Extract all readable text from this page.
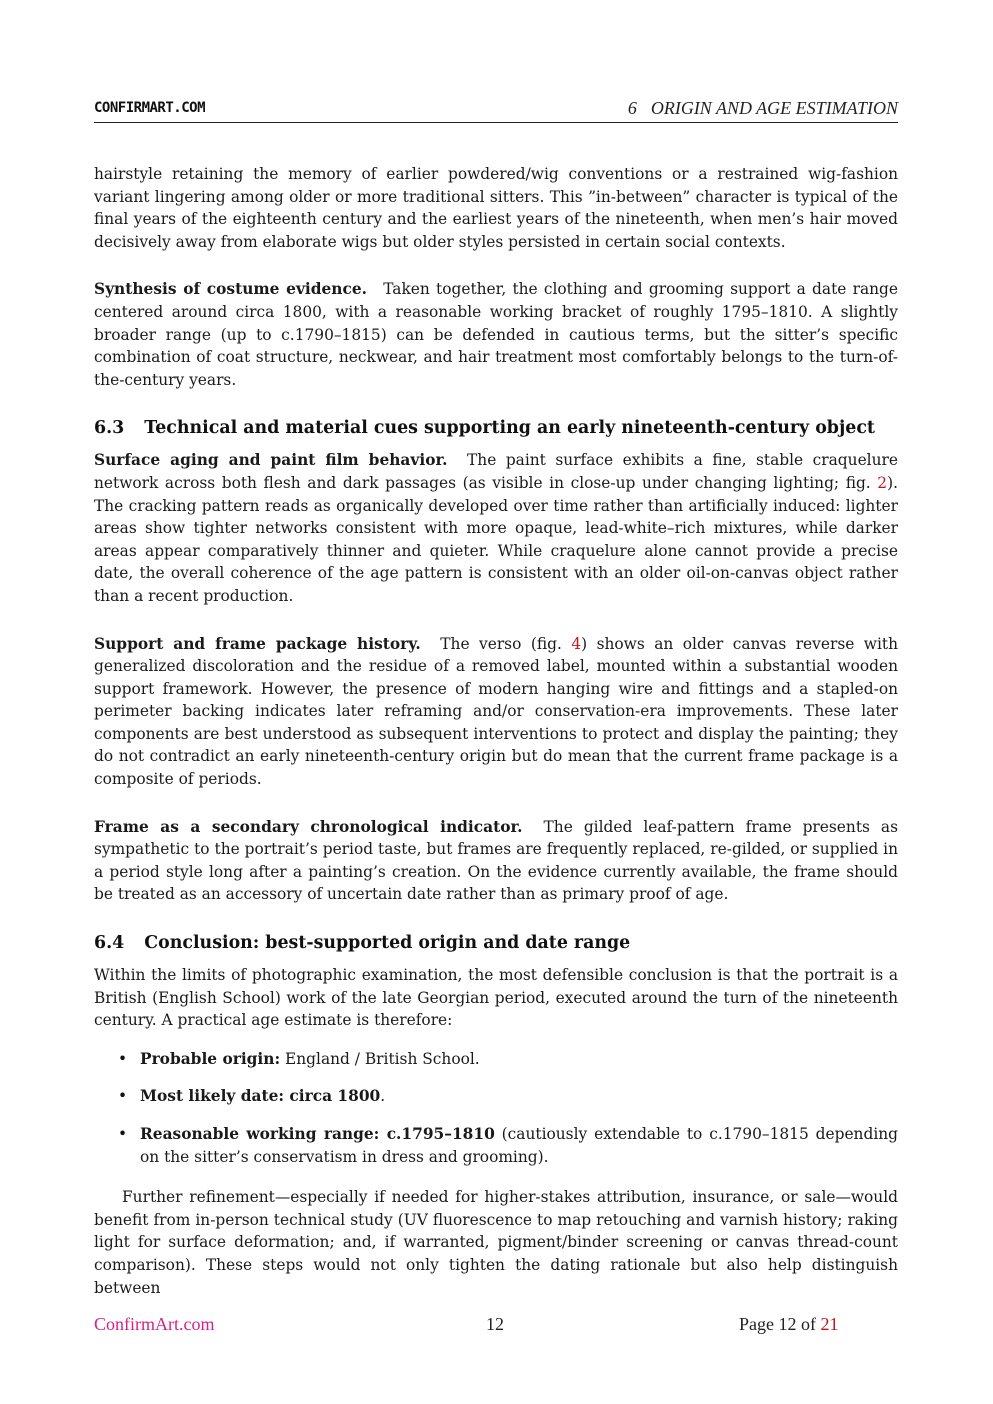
CONFIRMART.COM	6 ORIGIN AND AGE ESTIMATION

hairstyle retaining the memory of earlier powdered/wig conventions or a restrained wig-fashion variant lingering among older or more traditional sitters. This ”in-between” character is typical of the final years of the eighteenth century and the earliest years of the nineteenth, when men’s hair moved decisively away from elaborate wigs but older styles persisted in certain social contexts.

Synthesis of costume evidence. Taken together, the clothing and grooming support a date range centered around circa 1800, with a reasonable working bracket of roughly 1795–1810. A slightly broader range (up to c.1790–1815) can be defended in cautious terms, but the sitter’s specific combination of coat structure, neckwear, and hair treatment most comfortably belongs to the turn-of-the-century years.

6.3 Technical and material cues supporting an early nineteenth-century object

Surface aging and paint film behavior. The paint surface exhibits a fine, stable craquelure network across both flesh and dark passages (as visible in close-up under changing lighting; fig. 2). The cracking pattern reads as organically developed over time rather than artificially induced: lighter areas show tighter networks consistent with more opaque, lead-white–rich mixtures, while darker areas appear comparatively thinner and quieter. While craquelure alone cannot provide a precise date, the overall coherence of the age pattern is consistent with an older oil-on-canvas object rather than a recent production.

Support and frame package history. The verso (fig. 4) shows an older canvas reverse with generalized discoloration and the residue of a removed label, mounted within a substantial wooden support framework. However, the presence of modern hanging wire and fittings and a stapled-on perimeter backing indicates later reframing and/or conservation-era improvements. These later components are best understood as subsequent interventions to protect and display the painting; they do not contradict an early nineteenth-century origin but do mean that the current frame package is a composite of periods.

Frame as a secondary chronological indicator. The gilded leaf-pattern frame presents as sympathetic to the portrait’s period taste, but frames are frequently replaced, re-gilded, or supplied in a period style long after a painting’s creation. On the evidence currently available, the frame should be treated as an accessory of uncertain date rather than as primary proof of age.

6.4 Conclusion: best-supported origin and date range

Within the limits of photographic examination, the most defensible conclusion is that the portrait is a British (English School) work of the late Georgian period, executed around the turn of the nineteenth century. A practical age estimate is therefore:

• Probable origin: England / British School.
• Most likely date: circa 1800.
• Reasonable working range: c.1795–1810 (cautiously extendable to c.1790–1815 depending on the sitter’s conservatism in dress and grooming).

Further refinement—especially if needed for higher-stakes attribution, insurance, or sale—would benefit from in-person technical study (UV fluorescence to map retouching and varnish history; raking light for surface deformation; and, if warranted, pigment/binder screening or canvas thread-count comparison). These steps would not only tighten the dating rationale but also help distinguish between

ConfirmArt.com	12	Page 12 of 21
